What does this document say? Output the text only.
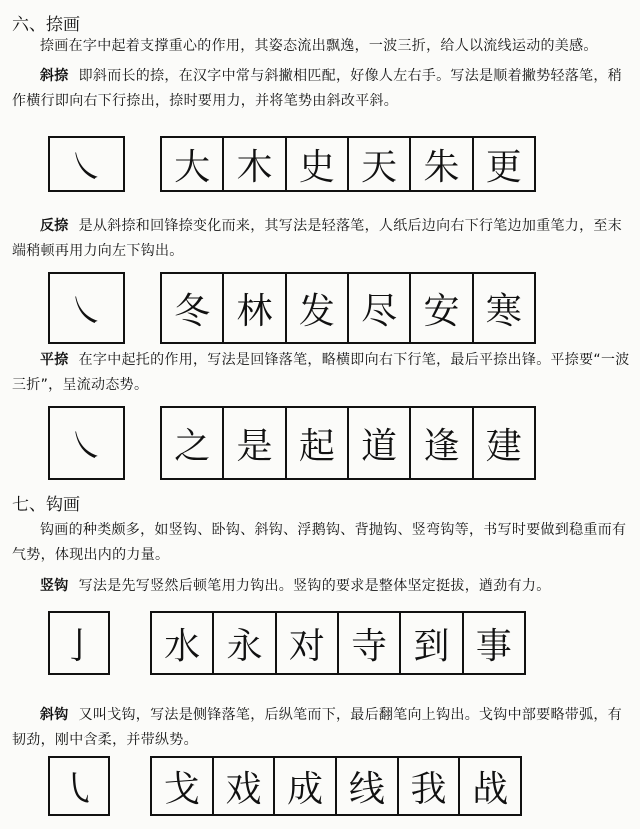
六、捺画
捺画在字中起着支撑重心的作用，其姿态流出飘逸，一波三折，给人以流线运动的美感。
斜捺 即斜而长的捺，在汉字中常与斜撇相匹配，好像人左右手。写法是顺着撇势轻落笔，稍作横行即向右下行捺出，捺时要用力，并将笔势由斜改平斜。
㇏	大 木 史 天 朱 更
反捺 是从斜捺和回锋捺变化而来，其写法是轻落笔，人纸后边向右下行笔边加重笔力，至末端稍顿再用力向左下钩出。
㇏	冬 林 发 尽 安 寒
平捺 在字中起托的作用，写法是回锋落笔，略横即向右下行笔，最后平捺出锋。平捺要“一波三折”，呈流动态势。
㇏	之 是 起 道 逢 建
七、钩画
钩画的种类颇多，如竖钩、卧钩、斜钩、浮鹅钩、背抛钩、竖弯钩等，书写时要做到稳重而有气势，体现出内的力量。
竖钩 写法是先写竖然后顿笔用力钩出。竖钩的要求是整体坚定挺拔，遒劲有力。
亅	水 永 对 寺 到 事
斜钩 又叫戈钩，写法是侧锋落笔，后纵笔而下，最后翻笔向上钩出。戈钩中部要略带弧，有韧劲，刚中含柔，并带纵势。
㇂	戈 戏 成 线 我 战
